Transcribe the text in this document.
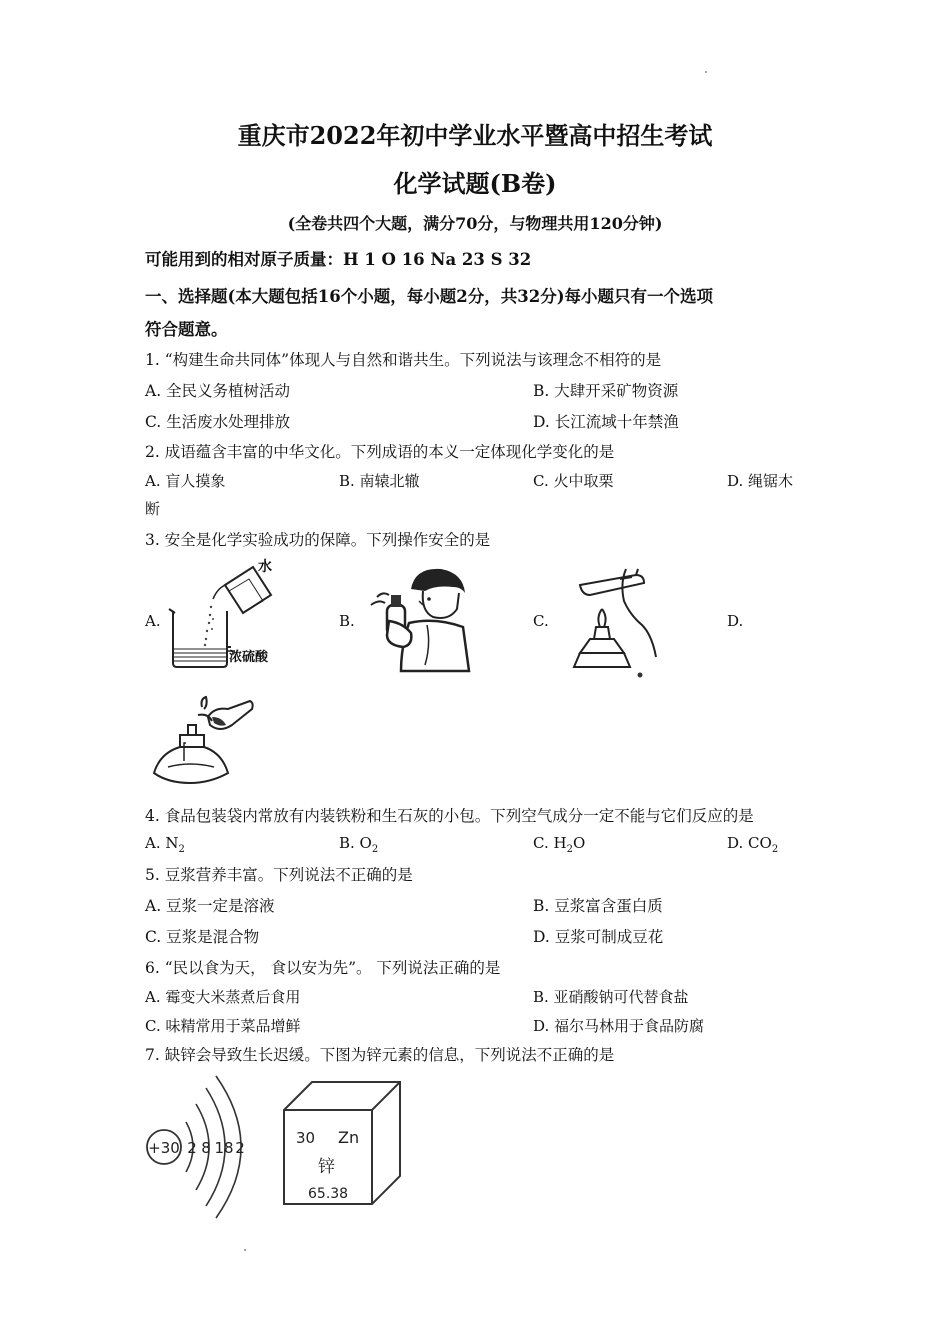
重庆市2022年初中学业水平暨高中招生考试
化学试题(B卷)
(全卷共四个大题，满分70分，与物理共用120分钟)
可能用到的相对原子质量：H 1 O 16 Na 23 S 32
一、选择题(本大题包括16个小题，每小题2分，共32分)每小题只有一个选项
符合题意。
1. “构建生命共同体”体现人与自然和谐共生。下列说法与该理念不相符的是
A. 全民义务植树活动	B. 大肆开采矿物资源
C. 生活废水处理排放	D. 长江流域十年禁渔
2. 成语蕴含丰富的中华文化。下列成语的本义一定体现化学变化的是
A. 盲人摸象	B. 南辕北辙	C. 火中取栗	D. 绳锯木
断
3. 安全是化学实验成功的保障。下列操作安全的是
A.	B.	C.	D.
水
浓硫酸
4. 食品包装袋内常放有内装铁粉和生石灰的小包。下列空气成分一定不能与它们反应的是
A. $N_2$	B. $O_2$	C. $H_2O$	D. $CO_2$
5. 豆浆营养丰富。下列说法不正确的是
A. 豆浆一定是溶液	B. 豆浆富含蛋白质
C. 豆浆是混合物	D. 豆浆可制成豆花
6. “民以食为天， 食以安为先”。 下列说法正确的是
A. 霉变大米蒸煮后食用	B. 亚硝酸钠可代替食盐
C. 味精常用于菜品增鲜	D. 福尔马林用于食品防腐
7. 缺锌会导致生长迟缓。下图为锌元素的信息，下列说法不正确的是
+30 2 8 18 2
30 Zn
锌
65.38
